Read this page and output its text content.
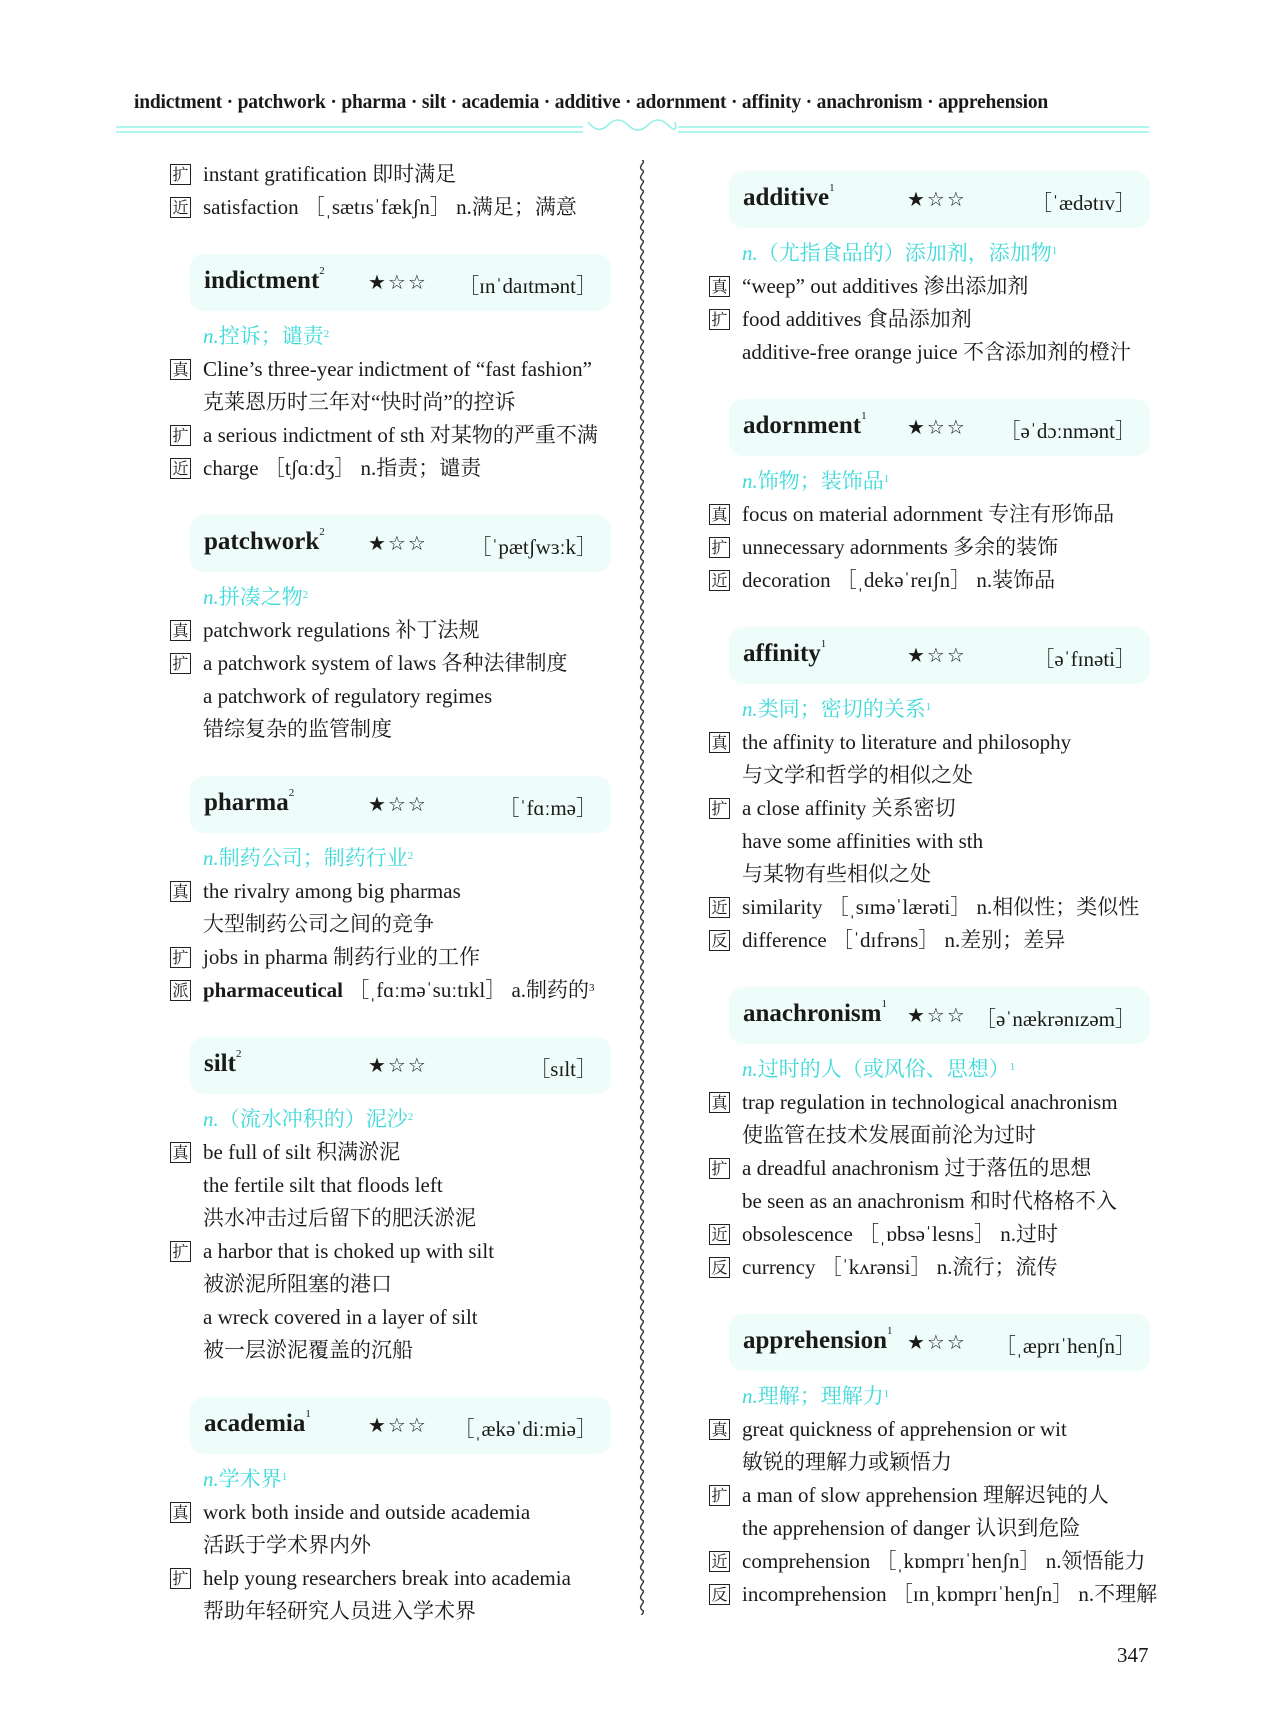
indictment · patchwork · pharma · silt · academia · additive · adornment · affinity · anachronism · apprehension
扩 instant gratification 即时满足
近 satisfaction ［ˌsætɪsˈfækʃn］ n.满足；满意
indictment$^2$ ★☆☆ ［ɪnˈdaɪtmənt］
n.控诉；谴责$^2$
真 Cline’s three-year indictment of “fast fashion”
克莱恩历时三年对“快时尚”的控诉
扩 a serious indictment of sth 对某物的严重不满
近 charge ［tʃɑːdʒ］ n.指责；谴责
patchwork$^2$ ★☆☆ ［ˈpætʃwɜːk］
n.拼凑之物$^2$
真 patchwork regulations 补丁法规
扩 a patchwork system of laws 各种法律制度
a patchwork of regulatory regimes
错综复杂的监管制度
pharma$^2$	★☆☆	［ˈfɑːmə］
n.制药公司；制药行业$^2$
真 the rivalry among big pharmas
大型制药公司之间的竞争
扩 jobs in pharma 制药行业的工作
派 pharmaceutical ［ˌfɑːməˈsuːtɪkl］ a.制药的$^3$
silt$^2$	★☆☆	［sɪlt］
n.（流水冲积的）泥沙$^2$
真 be full of silt 积满淤泥
the fertile silt that floods left
洪水冲击过后留下的肥沃淤泥
扩 a harbor that is choked up with silt
被淤泥所阻塞的港口
a wreck covered in a layer of silt
被一层淤泥覆盖的沉船
academia$^1$	★☆☆ ［ˌækəˈdiːmiə］
n.学术界$^1$
真 work both inside and outside academia
活跃于学术界内外
扩 help young researchers break into academia
帮助年轻研究人员进入学术界
additive$^1$	★☆☆	［ˈædətɪv］
n.（尤指食品的）添加剂，添加物$^1$
真 “weep” out additives 渗出添加剂
扩 food additives 食品添加剂
additive-free orange juice 不含添加剂的橙汁
adornment$^1$ ★☆☆ ［əˈdɔːnmənt］
n.饰物；装饰品$^1$
真 focus on material adornment 专注有形饰品
扩 unnecessary adornments 多余的装饰
近 decoration ［ˌdekəˈreɪʃn］ n.装饰品
affinity$^1$	★☆☆	［əˈfɪnəti］
n.类同；密切的关系$^1$
真 the affinity to literature and philosophy
与文学和哲学的相似之处
扩 a close affinity 关系密切
have some affinities with sth
与某物有些相似之处
近 similarity ［ˌsɪməˈlærəti］ n.相似性；类似性
反 difference ［ˈdɪfrəns］ n.差别；差异
anachronism$^1$ ★☆☆ ［əˈnækrənɪzəm］
n.过时的人（或风俗、思想）$^1$
真 trap regulation in technological anachronism
使监管在技术发展面前沦为过时
扩 a dreadful anachronism 过于落伍的思想
be seen as an anachronism 和时代格格不入
近 obsolescence ［ˌɒbsəˈlesns］ n.过时
反 currency ［ˈkʌrənsi］ n.流行；流传
apprehension$^1$ ★☆☆ ［ˌæprɪˈhenʃn］
n.理解；理解力$^1$
真 great quickness of apprehension or wit
敏锐的理解力或颖悟力
扩 a man of slow apprehension 理解迟钝的人
the apprehension of danger 认识到危险
近 comprehension ［ˌkɒmprɪˈhenʃn］ n.领悟能力
反 incomprehension ［ɪnˌkɒmprɪˈhenʃn］ n.不理解
347
